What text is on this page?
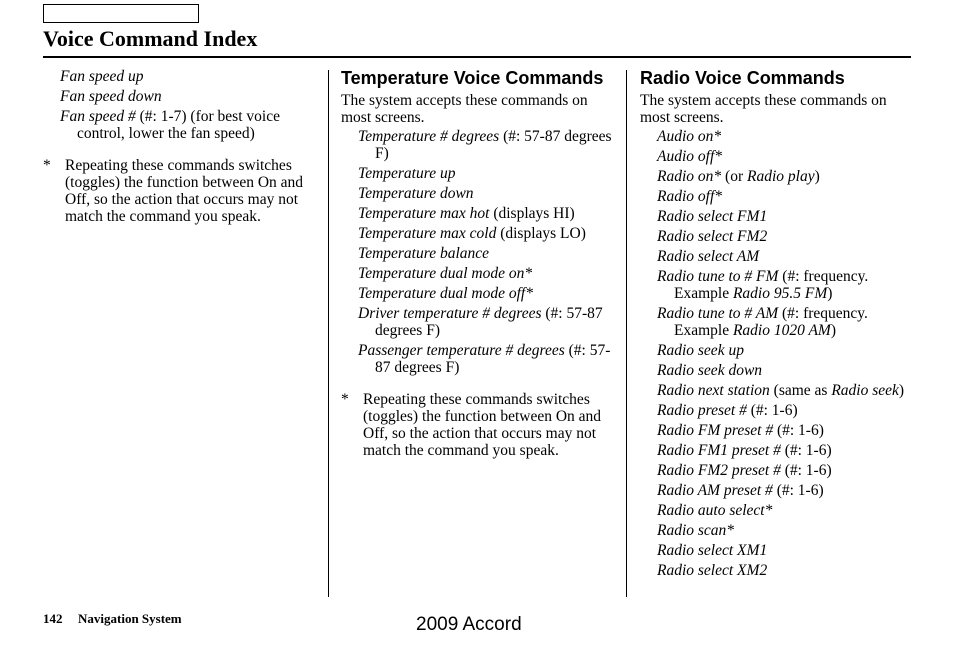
Voice Command Index
Fan speed up
Fan speed down
Fan speed # (#: 1-7) (for best voice control, lower the fan speed)
* Repeating these commands switches (toggles) the function between On and Off, so the action that occurs may not match the command you speak.
Temperature Voice Commands

The system accepts these commands on most screens.

Temperature # degrees (#: 57-87 degrees F)
Temperature up
Temperature down
Temperature max hot (displays HI)
Temperature max cold (displays LO)
Temperature balance
Temperature dual mode on*
Temperature dual mode off*
Driver temperature # degrees (#: 57-87 degrees F)
Passenger temperature # degrees (#: 57-87 degrees F)
* Repeating these commands switches (toggles) the function between On and Off, so the action that occurs may not match the command you speak.
Radio Voice Commands

The system accepts these commands on most screens.

Audio on*
Audio off*
Radio on* (or Radio play)
Radio off*
Radio select FM1
Radio select FM2
Radio select AM
Radio tune to # FM (#: frequency. Example Radio 95.5 FM)
Radio tune to # AM (#: frequency. Example Radio 1020 AM)
Radio seek up
Radio seek down
Radio next station (same as Radio seek)
Radio preset # (#: 1-6)
Radio FM preset # (#: 1-6)
Radio FM1 preset # (#: 1-6)
Radio FM2 preset # (#: 1-6)
Radio AM preset # (#: 1-6)
Radio auto select*
Radio scan*
Radio select XM1
Radio select XM2
142 Navigation System	2009 Accord
